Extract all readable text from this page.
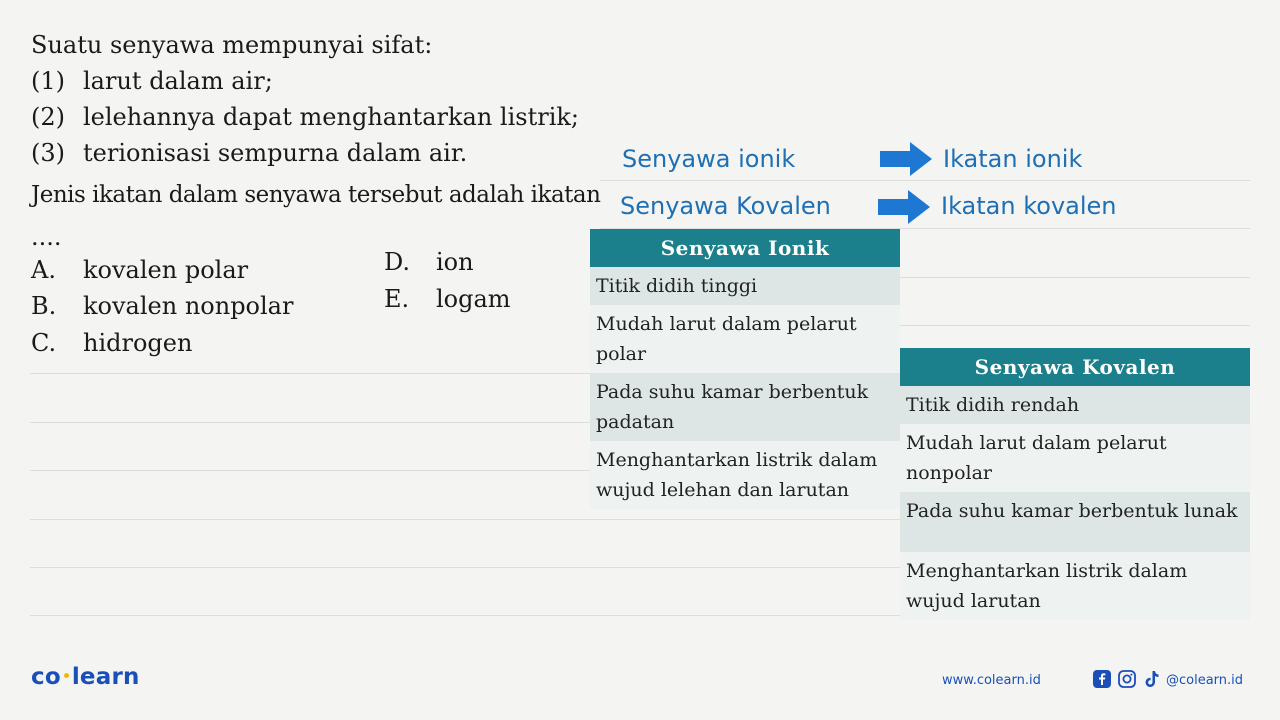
Suatu senyawa mempunyai sifat:
(1) larut dalam air;
(2) lelehannya dapat menghantarkan listrik;
(3) terionisasi sempurna dalam air.
Jenis ikatan dalam senyawa tersebut adalah ikatan
....
A. kovalen polar
B. kovalen nonpolar
C. hidrogen
D. ion
E. logam
Senyawa ionik	Ikatan ionik
Senyawa Kovalen	Ikatan kovalen
Senyawa Ionik
Titik didih tinggi
Mudah larut dalam pelarut polar
Pada suhu kamar berbentuk padatan
Menghantarkan listrik dalam wujud lelehan dan larutan
Senyawa Kovalen
Titik didih rendah
Mudah larut dalam pelarut nonpolar
Pada suhu kamar berbentuk lunak
Menghantarkan listrik dalam wujud larutan
co learn	www.colearn.id	@colearn.id
